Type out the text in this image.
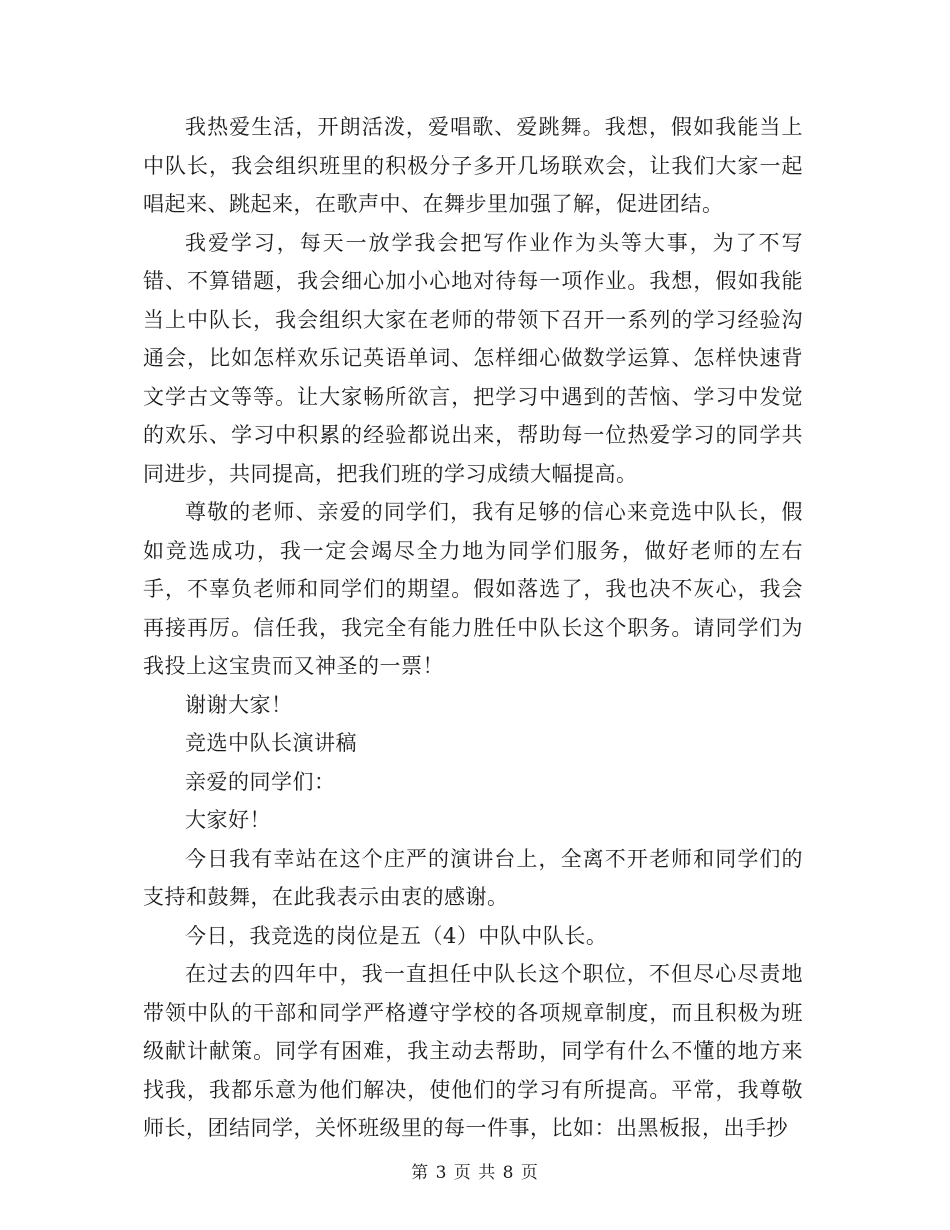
我热爱生活，开朗活泼，爱唱歌、爱跳舞。我想，假如我能当上中队长，我会组织班里的积极分子多开几场联欢会，让我们大家一起唱起来、跳起来，在歌声中、在舞步里加强了解，促进团结。

我爱学习，每天一放学我会把写作业作为头等大事，为了不写错、不算错题，我会细心加小心地对待每一项作业。我想，假如我能当上中队长，我会组织大家在老师的带领下召开一系列的学习经验沟通会，比如怎样欢乐记英语单词、怎样细心做数学运算、怎样快速背文学古文等等。让大家畅所欲言，把学习中遇到的苦恼、学习中发觉的欢乐、学习中积累的经验都说出来，帮助每一位热爱学习的同学共同进步，共同提高，把我们班的学习成绩大幅提高。

尊敬的老师、亲爱的同学们，我有足够的信心来竞选中队长，假如竞选成功，我一定会竭尽全力地为同学们服务，做好老师的左右手，不辜负老师和同学们的期望。假如落选了，我也决不灰心，我会再接再厉。信任我，我完全有能力胜任中队长这个职务。请同学们为我投上这宝贵而又神圣的一票！

谢谢大家！

竞选中队长演讲稿

亲爱的同学们：

大家好！

今日我有幸站在这个庄严的演讲台上，全离不开老师和同学们的支持和鼓舞，在此我表示由衷的感谢。

今日，我竞选的岗位是五（4）中队中队长。

在过去的四年中，我一直担任中队长这个职位，不但尽心尽责地带领中队的干部和同学严格遵守学校的各项规章制度，而且积极为班级献计献策。同学有困难，我主动去帮助，同学有什么不懂的地方来找我，我都乐意为他们解决，使他们的学习有所提高。平常，我尊敬师长，团结同学，关怀班级里的每一件事，比如：出黑板报，出手抄

第 3 页 共 8 页
